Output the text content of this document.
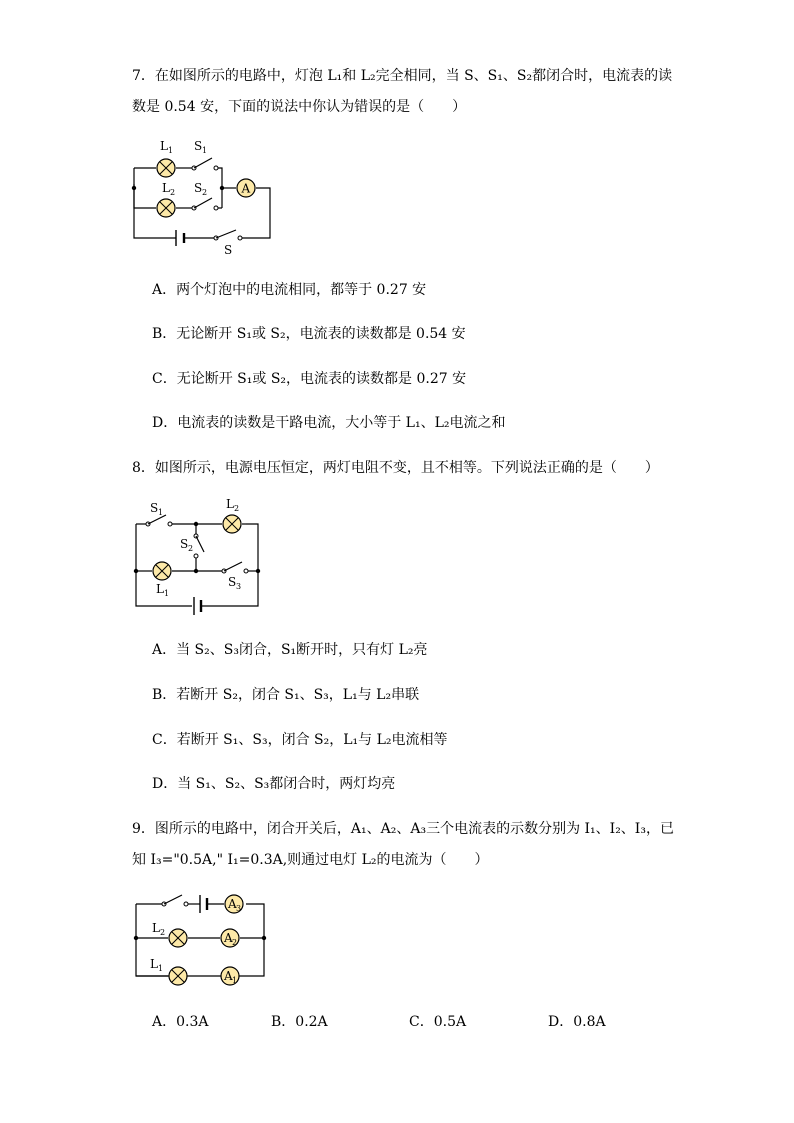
7．在如图所示的电路中，灯泡 L₁和 L₂完全相同，当 S、S₁、S₂都闭合时，电流表的读
数是 0.54 安，下面的说法中你认为错误的是（　　）
S
L 1 S 1
L 2 S 2	A
A．两个灯泡中的电流相同，都等于 0.27 安
B．无论断开 S₁或 S₂，电流表的读数都是 0.54 安
C．无论断开 S₁或 S₂，电流表的读数都是 0.27 安
D．电流表的读数是干路电流，大小等于 L₁、L₂电流之和
8．如图所示，电源电压恒定，两灯电阻不变，且不相等。下列说法正确的是（　　）
S 1
L 2
S 2
L 1
S 3
A．当 S₂、S₃闭合，S₁断开时，只有灯 L₂亮
B．若断开 S₂，闭合 S₁、S₃，L₁与 L₂串联
C．若断开 S₁、S₃，闭合 S₂，L₁与 L₂电流相等
D．当 S₁、S₂、S₃都闭合时，两灯均亮
9．图所示的电路中，闭合开关后，A₁、A₂、A₃三个电流表的示数分别为 I₁、I₂、I₃，已
知 I₃="0.5A," I₁=0.3A,则通过电灯 L₂的电流为（　　）
A 3
L 2	A 2
L 1
A 1
A．0.3A	B．0.2A	C．0.5A	D．0.8A
